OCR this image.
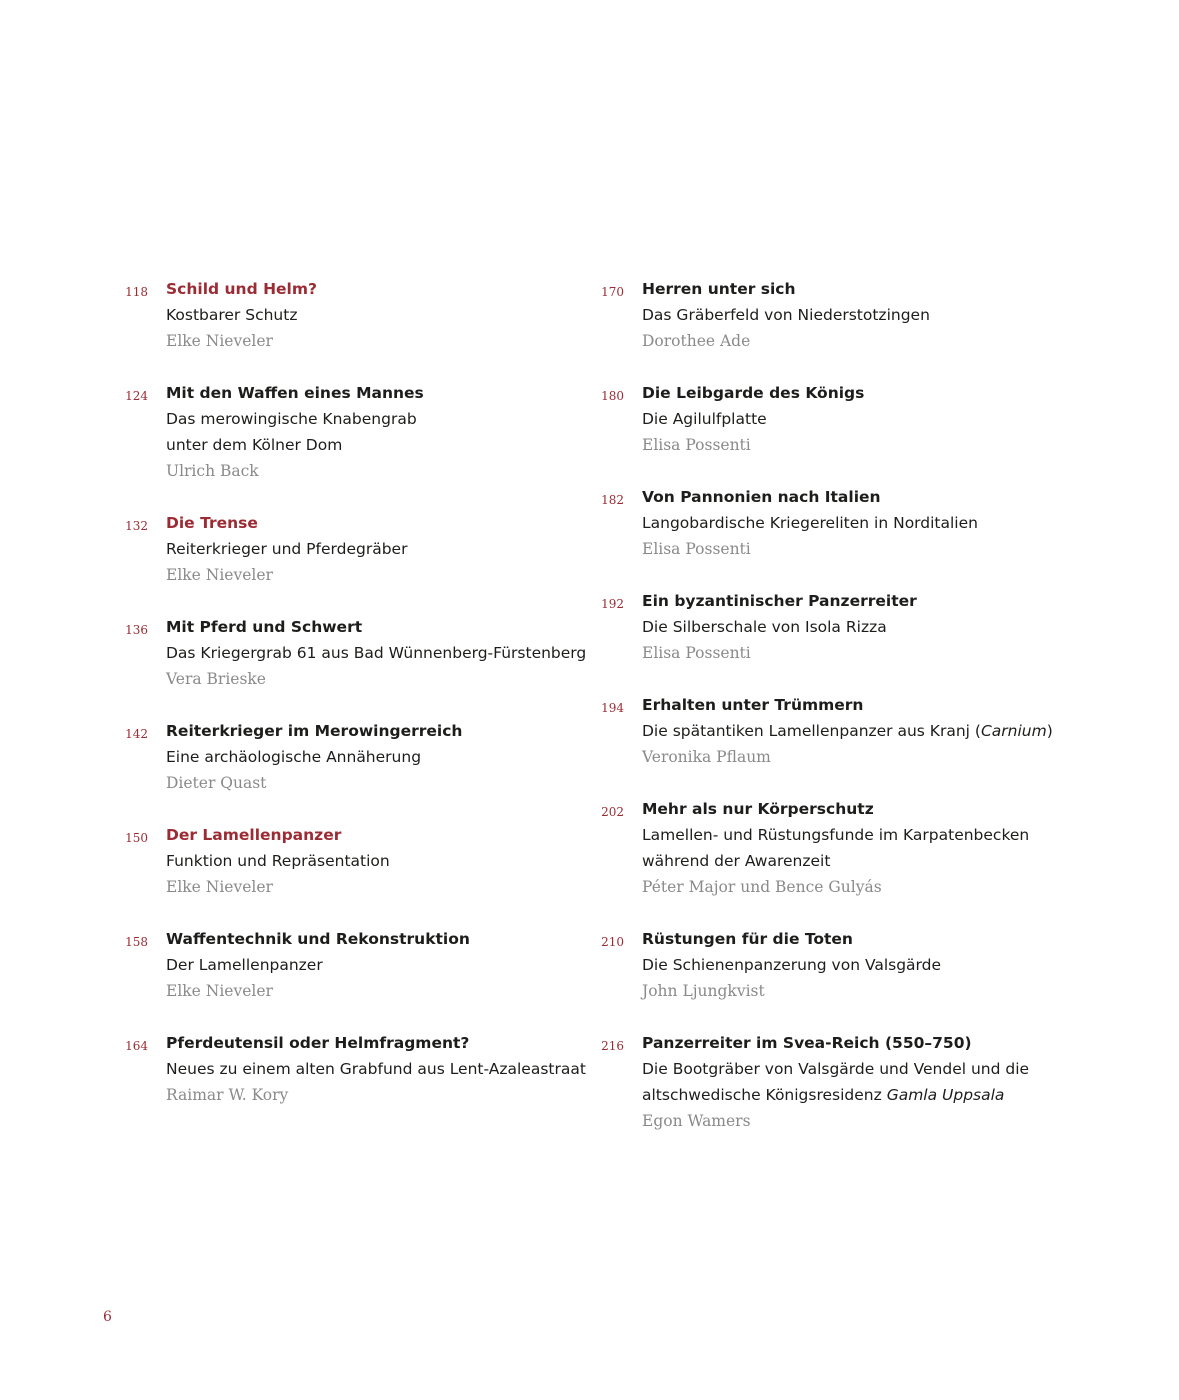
118 Schild und Helm?
Kostbarer Schutz
Elke Nieveler
124 Mit den Waffen eines Mannes
Das merowingische Knabengrab
unter dem Kölner Dom
Ulrich Back
132 Die Trense
Reiterkrieger und Pferdegräber
Elke Nieveler
136 Mit Pferd und Schwert
Das Kriegergrab 61 aus Bad Wünnenberg-Fürstenberg
Vera Brieske
142 Reiterkrieger im Merowingerreich
Eine archäologische Annäherung
Dieter Quast
150 Der Lamellenpanzer
Funktion und Repräsentation
Elke Nieveler
158 Waffentechnik und Rekonstruktion
Der Lamellenpanzer
Elke Nieveler
164 Pferdeutensil oder Helmfragment?
Neues zu einem alten Grabfund aus Lent-Azaleastraat
Raimar W. Kory
170 Herren unter sich
Das Gräberfeld von Niederstotzingen
Dorothee Ade
180 Die Leibgarde des Königs
Die Agilulfplatte
Elisa Possenti
182 Von Pannonien nach Italien
Langobardische Kriegereliten in Norditalien
Elisa Possenti
192 Ein byzantinischer Panzerreiter
Die Silberschale von Isola Rizza
Elisa Possenti
194 Erhalten unter Trümmern
Die spätantiken Lamellenpanzer aus Kranj (Carnium)
Veronika Pflaum
202 Mehr als nur Körperschutz
Lamellen- und Rüstungsfunde im Karpatenbecken
während der Awarenzeit
Péter Major und Bence Gulyás
210 Rüstungen für die Toten
Die Schienenpanzerung von Valsgärde
John Ljungkvist
216 Panzerreiter im Svea-Reich (550–750)
Die Bootgräber von Valsgärde und Vendel und die
altschwedische Königsresidenz Gamla Uppsala
Egon Wamers
6
